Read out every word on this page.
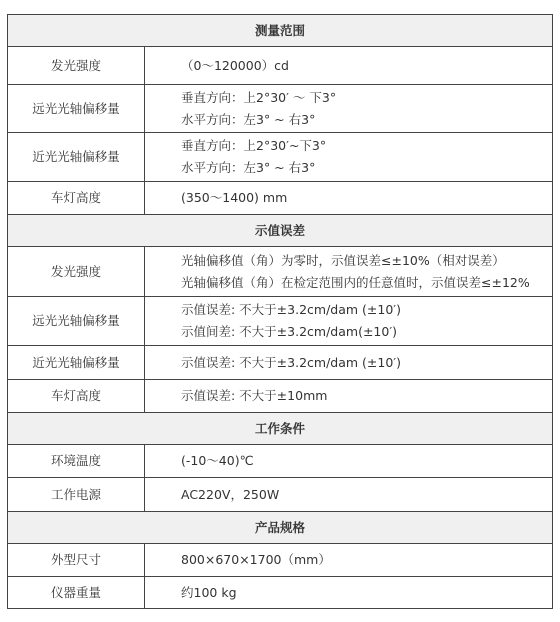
测量范围	
发光强度	（0～120000）cd

远光光轴偏移量	垂直方向：上2°30′ ～ 下3°
水平方向：左3° ~ 右3°

近光光轴偏移量	垂直方向：上2°30′~下3°
水平方向：左3° ~ 右3°

车灯高度	(350～1400) mm

示值误差	
发光强度	光轴偏移值（角）为零时，示值误差≤±10%（相对误差）
光轴偏移值（角）在检定范围内的任意值时，示值误差≤±12%

远光光轴偏移量	示值误差: 不大于±3.2cm/dam (±10′)
示值间差: 不大于±3.2cm/dam(±10′)

近光光轴偏移量	示值误差: 不大于±3.2cm/dam (±10′)

车灯高度	示值误差: 不大于±10mm

工作条件	
环境温度	(-10～40)℃

工作电源	AC220V，250W

产品规格	
外型尺寸	800×670×1700（mm）

仪器重量	约100 kg
